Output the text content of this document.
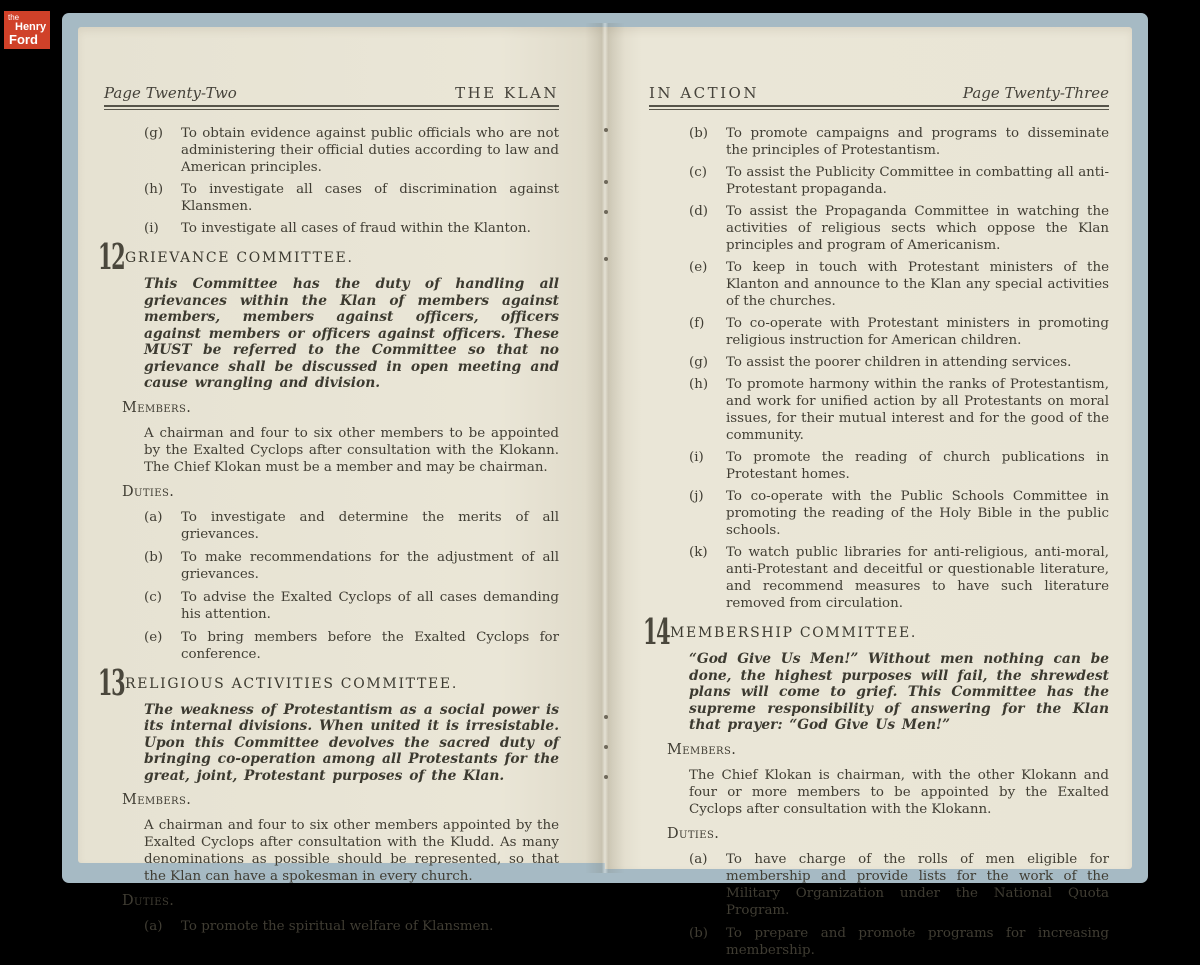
the
Henry
Ford
Page Twenty-Two	THE KLAN
(g)	To obtain evidence against public officials who are not administering their official duties according to law and American principles.
(h)	To investigate all cases of discrimination against Klansmen.
(i)	To investigate all cases of fraud within the Klanton.
12 GRIEVANCE COMMITTEE.

This Committee has the duty of handling all grievances within the Klan of members against members, members against officers, officers against members or officers against officers. These MUST be referred to the Committee so that no grievance shall be discussed in open meeting and cause wrangling and division.

Members.

A chairman and four to six other members to be appointed by the Exalted Cyclops after consultation with the Klokann. The Chief Klokan must be a member and may be chairman.

Duties.
(a)	To investigate and determine the merits of all grievances.
(b)	To make recommendations for the adjustment of all grievances.
(c)	To advise the Exalted Cyclops of all cases demanding his attention.
(e)	To bring members before the Exalted Cyclops for conference.
13 RELIGIOUS ACTIVITIES COMMITTEE.

The weakness of Protestantism as a social power is its internal divisions. When united it is irresistable. Upon this Committee devolves the sacred duty of bringing co-operation among all Protestants for the great, joint, Protestant purposes of the Klan.

Members.

A chairman and four to six other members appointed by the Exalted Cyclops after consultation with the Kludd. As many denominations as possible should be represented, so that the Klan can have a spokesman in every church.

Duties.
(a)	To promote the spiritual welfare of Klansmen.
IN ACTION	Page Twenty-Three
(b)	To promote campaigns and programs to disseminate the principles of Protestantism.
(c)	To assist the Publicity Committee in combatting all anti-Protestant propaganda.
(d)	To assist the Propaganda Committee in watching the activities of religious sects which oppose the Klan principles and program of Americanism.
(e)	To keep in touch with Protestant ministers of the Klanton and announce to the Klan any special activities of the churches.
(f)	To co-operate with Protestant ministers in promoting religious instruction for American children.
(g)	To assist the poorer children in attending services.
(h)	To promote harmony within the ranks of Protestantism, and work for unified action by all Protestants on moral issues, for their mutual interest and for the good of the community.
(i)	To promote the reading of church publications in Protestant homes.
(j)	To co-operate with the Public Schools Committee in promoting the reading of the Holy Bible in the public schools.
(k)	To watch public libraries for anti-religious, anti-moral, anti-Protestant and deceitful or questionable literature, and recommend measures to have such literature removed from circulation.
14 MEMBERSHIP COMMITTEE.

“God Give Us Men!” Without men nothing can be done, the highest purposes will fail, the shrewdest plans will come to grief. This Committee has the supreme responsibility of answering for the Klan that prayer: “God Give Us Men!”

Members.

The Chief Klokan is chairman, with the other Klokann and four or more members to be appointed by the Exalted Cyclops after consultation with the Klokann.

Duties.
(a)	To have charge of the rolls of men eligible for membership and provide lists for the work of the Military Organization under the National Quota Program.
(b)	To prepare and promote programs for increasing membership.
